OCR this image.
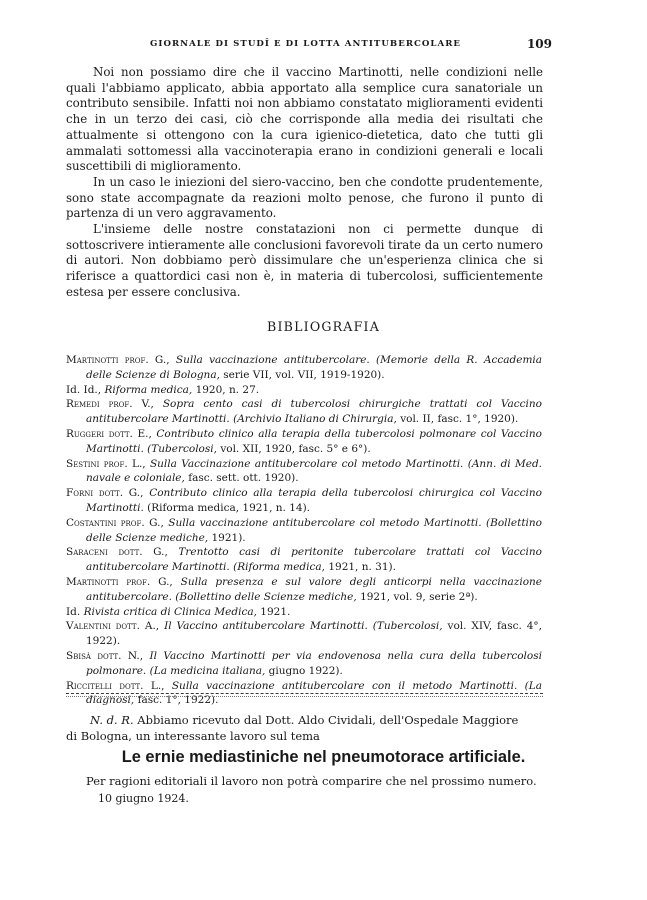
GIORNALE DI STUDÎ E DI LOTTA ANTITUBERCOLARE	109

Noi non possiamo dire che il vaccino Martinotti, nelle condizioni nelle quali l'abbiamo applicato, abbia apportato alla semplice cura sanatoriale un contributo sensibile. Infatti noi non abbiamo constatato miglioramenti evidenti che in un terzo dei casi, ciò che corrisponde alla media dei risultati che attualmente si ottengono con la cura igienico-dietetica, dato che tutti gli ammalati sottomessi alla vaccinoterapia erano in condizioni generali e locali suscettibili di miglioramento.

In un caso le iniezioni del siero-vaccino, ben che condotte prudentemente, sono state accompagnate da reazioni molto penose, che furono il punto di partenza di un vero aggravamento.

L'insieme delle nostre constatazioni non ci permette dunque di sottoscrivere intieramente alle conclusioni favorevoli tirate da un certo numero di autori. Non dobbiamo però dissimulare che un'esperienza clinica che si riferisce a quattordici casi non è, in materia di tubercolosi, sufficientemente estesa per essere conclusiva.

BIBLIOGRAFIA
Martinotti prof. G., Sulla vaccinazione antitubercolare. (Memorie della R. Accademia delle Scienze di Bologna, serie VII, vol. VII, 1919-1920).
Id. Id., Riforma medica, 1920, n. 27.
Remedi prof. V., Sopra cento casi di tubercolosi chirurgiche trattati col Vaccino antitubercolare Martinotti. (Archivio Italiano di Chirurgia, vol. II, fasc. 1°, 1920).
Ruggeri dott. E., Contributo clinico alla terapia della tubercolosi polmonare col Vaccino Martinotti. (Tubercolosi, vol. XII, 1920, fasc. 5° e 6°).
Sestini prof. L., Sulla Vaccinazione antitubercolare col metodo Martinotti. (Ann. di Med. navale e coloniale, fasc. sett. ott. 1920).
Forni dott. G., Contributo clinico alla terapia della tubercolosi chirurgica col Vaccino Martinotti. (Riforma medica, 1921, n. 14).
Costantini prof. G., Sulla vaccinazione antitubercolare col metodo Martinotti. (Bollettino delle Scienze mediche, 1921).
Saraceni dott. G., Trentotto casi di peritonite tubercolare trattati col Vaccino antitubercolare Martinotti. (Riforma medica, 1921, n. 31).
Martinotti prof. G., Sulla presenza e sul valore degli anticorpi nella vaccinazione antitubercolare. (Bollettino delle Scienze mediche, 1921, vol. 9, serie 2ª).
Id. Rivista critica di Clinica Medica, 1921.
Valentini dott. A., Il Vaccino antitubercolare Martinotti. (Tubercolosi, vol. XIV, fasc. 4°, 1922).
Sbisà dott. N., Il Vaccino Martinotti per via endovenosa nella cura della tubercolosi polmonare. (La medicina italiana, giugno 1922).
Riccitelli dott. L., Sulla vaccinazione antitubercolare con il metodo Martinotti. (La diagnosi, fasc. 1°, 1922).
N. d. R. Abbiamo ricevuto dal Dott. Aldo Cividali, dell'Ospedale Maggiore
di Bologna, un interessante lavoro sul tema
Le ernie mediastiniche nel pneumotorace artificiale.
Per ragioni editoriali il lavoro non potrà comparire che nel prossimo numero.
10 giugno 1924.
